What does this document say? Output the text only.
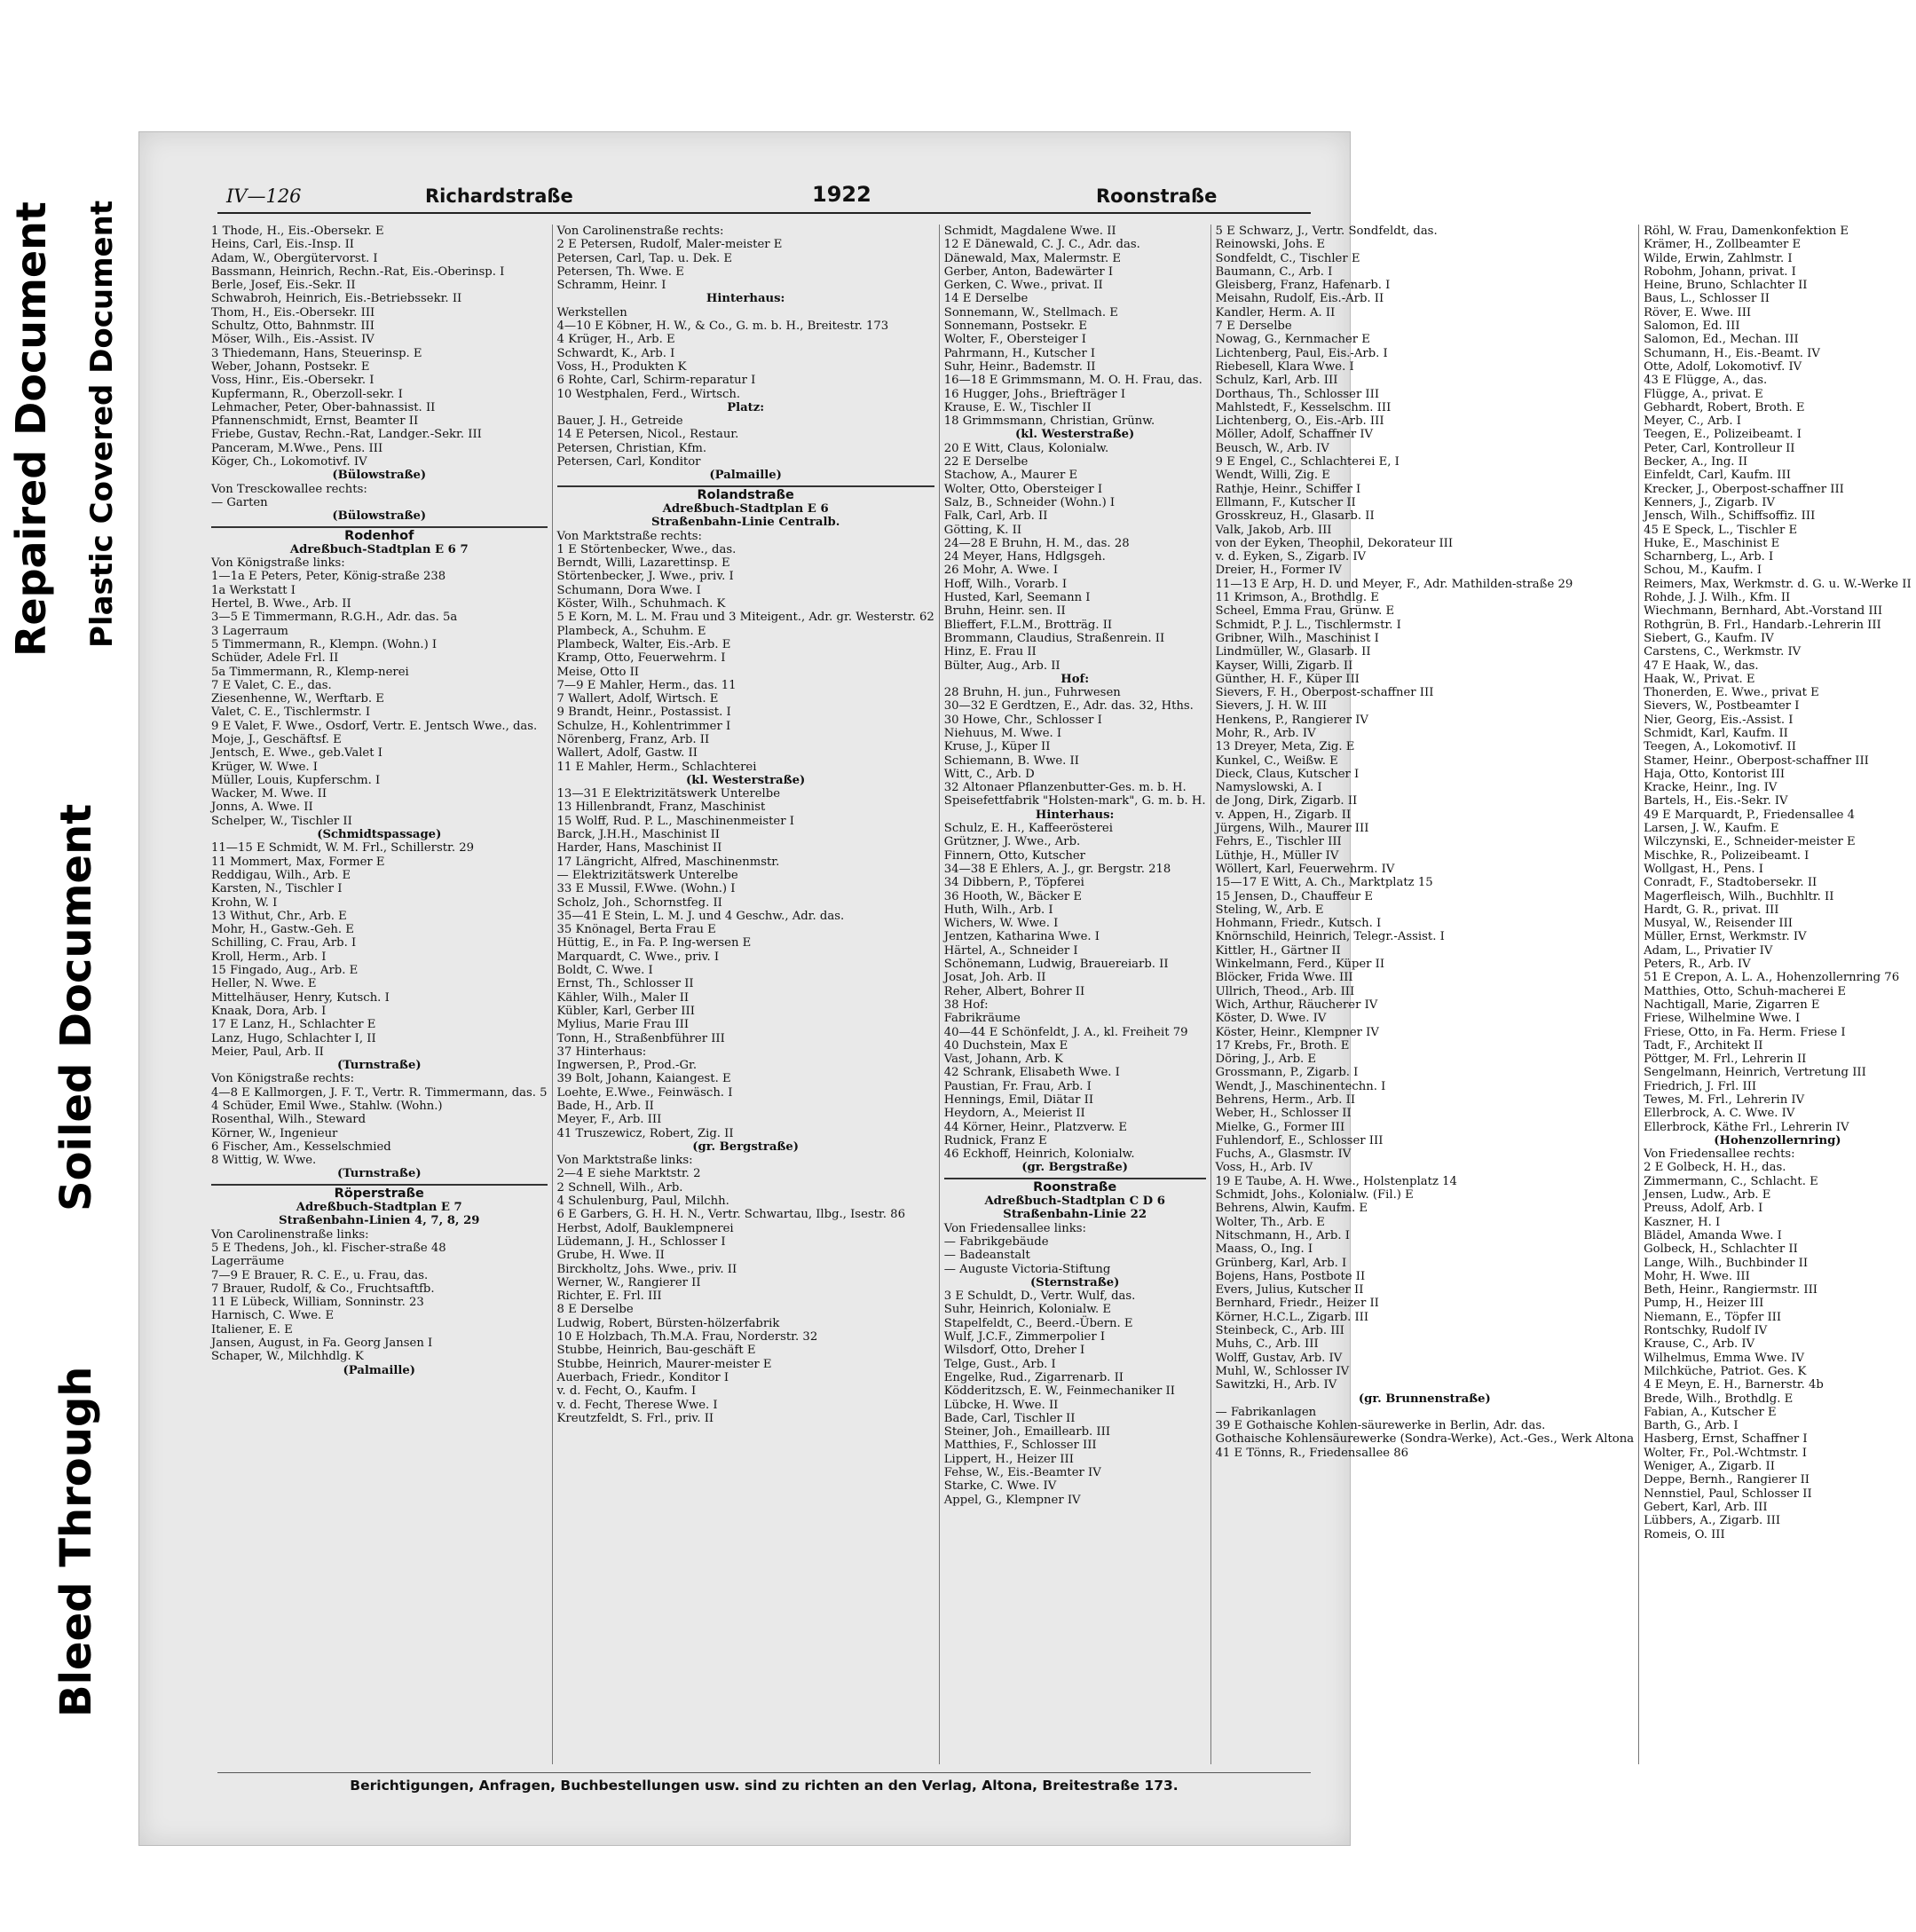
Repaired Document Plastic Covered Document
Soiled Document
Bleed Through
IV—126	Richardstraße	1922	Roonstraße
1 Thode, H., Eis.-Obersekr. E
Heins, Carl, Eis.-Insp. II
Adam, W., Obergütervorst. I
Bassmann, Heinrich, Rechn.-Rat, Eis.-Oberinsp. I
Berle, Josef, Eis.-Sekr. II
Schwabroh, Heinrich, Eis.-Betriebssekr. II
Thom, H., Eis.-Obersekr. III
Schultz, Otto, Bahnmstr. III
Möser, Wilh., Eis.-Assist. IV
3 Thiedemann, Hans, Steuerinsp. E
Weber, Johann, Postsekr. E
Voss, Hinr., Eis.-Obersekr. I
Kupfermann, R., Oberzoll-sekr. I
Lehmacher, Peter, Ober-bahnassist. II
Pfannenschmidt, Ernst, Beamter II
Friebe, Gustav, Rechn.-Rat, Landger.-Sekr. III
Panceram, M.Wwe., Pens. III
Köger, Ch., Lokomotivf. IV
(Bülowstraße)
Von Tresckowallee rechts:
— Garten
(Bülowstraße)
Rodenhof
Adreßbuch-Stadtplan E 6 7
Von Königstraße links:
1—1a E Peters, Peter, König-straße 238
1a Werkstatt I
Hertel, B. Wwe., Arb. II
3—5 E Timmermann, R.G.H., Adr. das. 5a
3 Lagerraum
5 Timmermann, R., Klempn. (Wohn.) I
Schüder, Adele Frl. II
5a Timmermann, R., Klemp-nerei
7 E Valet, C. E., das.
Ziesenhenne, W., Werftarb. E
Valet, C. E., Tischlermstr. I
9 E Valet, F. Wwe., Osdorf, Vertr. E. Jentsch Wwe., das.
Moje, J., Geschäftsf. E
Jentsch, E. Wwe., geb.Valet I
Krüger, W. Wwe. I
Müller, Louis, Kupferschm. I
Wacker, M. Wwe. II
Jonns, A. Wwe. II
Schelper, W., Tischler II
(Schmidtspassage)
11—15 E Schmidt, W. M. Frl., Schillerstr. 29
11 Mommert, Max, Former E
Reddigau, Wilh., Arb. E
Karsten, N., Tischler I
Krohn, W. I
13 Withut, Chr., Arb. E
Mohr, H., Gastw.-Geh. E
Schilling, C. Frau, Arb. I
Kroll, Herm., Arb. I
15 Fingado, Aug., Arb. E
Heller, N. Wwe. E
Mittelhäuser, Henry, Kutsch. I
Knaak, Dora, Arb. I
17 E Lanz, H., Schlachter E
Lanz, Hugo, Schlachter I, II
Meier, Paul, Arb. II
(Turnstraße)
Von Königstraße rechts:
4—8 E Kallmorgen, J. F. T., Vertr. R. Timmermann, das. 5
4 Schüder, Emil Wwe., Stahlw. (Wohn.)
Rosenthal, Wilh., Steward
Körner, W., Ingenieur
6 Fischer, Am., Kesselschmied
8 Wittig, W. Wwe.
(Turnstraße)
Röperstraße
Adreßbuch-Stadtplan E 7
Straßenbahn-Linien 4, 7, 8, 29
Von Carolinenstraße links:
5 E Thedens, Joh., kl. Fischer-straße 48
Lagerräume
7—9 E Brauer, R. C. E., u. Frau, das.
7 Brauer, Rudolf, & Co., Fruchtsaftfb.
11 E Lübeck, William, Sonninstr. 23
Harnisch, C. Wwe. E
Italiener, E. E
Jansen, August, in Fa. Georg Jansen I
Schaper, W., Milchhdlg. K
(Palmaille)
Von Carolinenstraße rechts:
2 E Petersen, Rudolf, Maler-meister E
Petersen, Carl, Tap. u. Dek. E
Petersen, Th. Wwe. E
Schramm, Heinr. I
Hinterhaus:
Werkstellen
4—10 E Köbner, H. W., & Co., G. m. b. H., Breitestr. 173
4 Krüger, H., Arb. E
Schwardt, K., Arb. I
Voss, H., Produkten K
6 Rohte, Carl, Schirm-reparatur I
10 Westphalen, Ferd., Wirtsch.
Platz:
Bauer, J. H., Getreide
14 E Petersen, Nicol., Restaur.
Petersen, Christian, Kfm.
Petersen, Carl, Konditor
(Palmaille)
Rolandstraße
Adreßbuch-Stadtplan E 6
Straßenbahn-Linie Centralb.
Von Marktstraße rechts:
1 E Störtenbecker, Wwe., das.
Berndt, Willi, Lazarettinsp. E
Störtenbecker, J. Wwe., priv. I
Schumann, Dora Wwe. I
Köster, Wilh., Schuhmach. K
5 E Korn, M. L. M. Frau und 3 Miteigent., Adr. gr. Westerstr. 62
Plambeck, A., Schuhm. E
Plambeck, Walter, Eis.-Arb. E
Kramp, Otto, Feuerwehrm. I
Meise, Otto II
7—9 E Mahler, Herm., das. 11
7 Wallert, Adolf, Wirtsch. E
9 Brandt, Heinr., Postassist. I
Schulze, H., Kohlentrimmer I
Nörenberg, Franz, Arb. II
Wallert, Adolf, Gastw. II
11 E Mahler, Herm., Schlachterei
(kl. Westerstraße)
13—31 E Elektrizitätswerk Unterelbe
13 Hillenbrandt, Franz, Maschinist
15 Wolff, Rud. P. L., Maschinenmeister I
Barck, J.H.H., Maschinist II
Harder, Hans, Maschinist II
17 Längricht, Alfred, Maschinenmstr.
— Elektrizitätswerk Unterelbe
33 E Mussil, F.Wwe. (Wohn.) I
Scholz, Joh., Schornstfeg. II
35—41 E Stein, L. M. J. und 4 Geschw., Adr. das.
35 Knönagel, Berta Frau E
Hüttig, E., in Fa. P. Ing-wersen E
Marquardt, C. Wwe., priv. I
Boldt, C. Wwe. I
Ernst, Th., Schlosser II
Kähler, Wilh., Maler II
Kübler, Karl, Gerber III
Mylius, Marie Frau III
Tonn, H., Straßenbführer III
37 Hinterhaus:
Ingwersen, P., Prod.-Gr.
39 Bolt, Johann, Kaiangest. E
Loehte, E.Wwe., Feinwäsch. I
Bade, H., Arb. II
Meyer, F., Arb. III
41 Truszewicz, Robert, Zig. II
(gr. Bergstraße)
Von Marktstraße links:
2—4 E siehe Marktstr. 2
2 Schnell, Wilh., Arb.
4 Schulenburg, Paul, Milchh.
6 E Garbers, G. H. H. N., Vertr. Schwartau, Ilbg., Isestr. 86
Herbst, Adolf, Bauklempnerei
Lüdemann, J. H., Schlosser I
Grube, H. Wwe. II
Birckholtz, Johs. Wwe., priv. II
Werner, W., Rangierer II
Richter, E. Frl. III
8 E Derselbe
Ludwig, Robert, Bürsten-hölzerfabrik
10 E Holzbach, Th.M.A. Frau, Norderstr. 32
Stubbe, Heinrich, Bau-geschäft E
Stubbe, Heinrich, Maurer-meister E
Auerbach, Friedr., Konditor I
v. d. Fecht, O., Kaufm. I
v. d. Fecht, Therese Wwe. I
Kreutzfeldt, S. Frl., priv. II
Schmidt, Magdalene Wwe. II
12 E Dänewald, C. J. C., Adr. das.
Dänewald, Max, Malermstr. E
Gerber, Anton, Badewärter I
Gerken, C. Wwe., privat. II
14 E Derselbe
Sonnemann, W., Stellmach. E
Sonnemann, Postsekr. E
Wolter, F., Obersteiger I
Pahrmann, H., Kutscher I
Suhr, Heinr., Bademstr. II
16—18 E Grimmsmann, M. O. H. Frau, das.
16 Hugger, Johs., Briefträger I
Krause, E. W., Tischler II
18 Grimmsmann, Christian, Grünw.
(kl. Westerstraße)
20 E Witt, Claus, Kolonialw.
22 E Derselbe
Stachow, A., Maurer E
Wolter, Otto, Obersteiger I
Salz, B., Schneider (Wohn.) I
Falk, Carl, Arb. II
Götting, K. II
24—28 E Bruhn, H. M., das. 28
24 Meyer, Hans, Hdlgsgeh.
26 Mohr, A. Wwe. I
Hoff, Wilh., Vorarb. I
Husted, Karl, Seemann I
Bruhn, Heinr. sen. II
Blieffert, F.L.M., Brotträg. II
Brommann, Claudius, Straßenrein. II
Hinz, E. Frau II
Bülter, Aug., Arb. II
Hof:
28 Bruhn, H. jun., Fuhrwesen
30—32 E Gerdtzen, E., Adr. das. 32, Hths.
30 Howe, Chr., Schlosser I
Niehuus, M. Wwe. I
Kruse, J., Küper II
Schiemann, B. Wwe. II
Witt, C., Arb. D
32 Altonaer Pflanzenbutter-Ges. m. b. H.
Speisefettfabrik "Holsten-mark", G. m. b. H.
Hinterhaus:
Schulz, E. H., Kaffeerösterei
Grützner, J. Wwe., Arb.
Finnern, Otto, Kutscher
34—38 E Ehlers, A. J., gr. Bergstr. 218
34 Dibbern, P., Töpferei
36 Hooth, W., Bäcker E
Huth, Wilh., Arb. I
Wichers, W. Wwe. I
Jentzen, Katharina Wwe. I
Härtel, A., Schneider I
Schönemann, Ludwig, Brauereiarb. II
Josat, Joh. Arb. II
Reher, Albert, Bohrer II
38 Hof:
Fabrikräume
40—44 E Schönfeldt, J. A., kl. Freiheit 79
40 Duchstein, Max E
Vast, Johann, Arb. K
42 Schrank, Elisabeth Wwe. I
Paustian, Fr. Frau, Arb. I
Hennings, Emil, Diätar II
Heydorn, A., Meierist II
44 Körner, Heinr., Platzverw. E
Rudnick, Franz E
46 Eckhoff, Heinrich, Kolonialw.
(gr. Bergstraße)
Roonstraße
Adreßbuch-Stadtplan C D 6
Straßenbahn-Linie 22
Von Friedensallee links:
— Fabrikgebäude
— Badeanstalt
— Auguste Victoria-Stiftung
(Sternstraße)
3 E Schuldt, D., Vertr. Wulf, das.
Suhr, Heinrich, Kolonialw. E
Stapelfeldt, C., Beerd.-Übern. E
Wulf, J.C.F., Zimmerpolier I
Wilsdorf, Otto, Dreher I
Telge, Gust., Arb. I
Engelke, Rud., Zigarrenarb. II
Ködderitzsch, E. W., Feinmechaniker II
Lübcke, H. Wwe. II
Bade, Carl, Tischler II
Steiner, Joh., Emaillearb. III
Matthies, F., Schlosser III
Lippert, H., Heizer III
Fehse, W., Eis.-Beamter IV
Starke, C. Wwe. IV
Appel, G., Klempner IV
5 E Schwarz, J., Vertr. Sondfeldt, das.
Reinowski, Johs. E
Sondfeldt, C., Tischler E
Baumann, C., Arb. I
Gleisberg, Franz, Hafenarb. I
Meisahn, Rudolf, Eis.-Arb. II
Kandler, Herm. A. II
7 E Derselbe
Nowag, G., Kernmacher E
Lichtenberg, Paul, Eis.-Arb. I
Riebesell, Klara Wwe. I
Schulz, Karl, Arb. III
Dorthaus, Th., Schlosser III
Mahlstedt, F., Kesselschm. III
Lichtenberg, O., Eis.-Arb. III
Möller, Adolf, Schaffner IV
Beusch, W., Arb. IV
9 E Engel, C., Schlachterei E, I
Wendt, Willi, Zig. E
Rathje, Heinr., Schiffer I
Ellmann, F., Kutscher II
Grosskreuz, H., Glasarb. II
Valk, Jakob, Arb. III
von der Eyken, Theophil, Dekorateur III
v. d. Eyken, S., Zigarb. IV
Dreier, H., Former IV
11—13 E Arp, H. D. und Meyer, F., Adr. Mathilden-straße 29
11 Krimson, A., Brothdlg. E
Scheel, Emma Frau, Grünw. E
Schmidt, P. J. L., Tischlermstr. I
Gribner, Wilh., Maschinist I
Lindmüller, W., Glasarb. II
Kayser, Willi, Zigarb. II
Günther, H. F., Küper III
Sievers, F. H., Oberpost-schaffner III
Sievers, J. H. W. III
Henkens, P., Rangierer IV
Mohr, R., Arb. IV
13 Dreyer, Meta, Zig. E
Kunkel, C., Weißw. E
Dieck, Claus, Kutscher I
Namyslowski, A. I
de Jong, Dirk, Zigarb. II
v. Appen, H., Zigarb. II
Jürgens, Wilh., Maurer III
Fehrs, E., Tischler III
Lüthje, H., Müller IV
Wöllert, Karl, Feuerwehrm. IV
15—17 E Witt, A. Ch., Marktplatz 15
15 Jensen, D., Chauffeur E
Steling, W., Arb. E
Hohmann, Friedr., Kutsch. I
Knörnschild, Heinrich, Telegr.-Assist. I
Kittler, H., Gärtner II
Winkelmann, Ferd., Küper II
Blöcker, Frida Wwe. III
Ullrich, Theod., Arb. III
Wich, Arthur, Räucherer IV
Köster, D. Wwe. IV
Köster, Heinr., Klempner IV
17 Krebs, Fr., Broth. E
Döring, J., Arb. E
Grossmann, P., Zigarb. I
Wendt, J., Maschinentechn. I
Behrens, Herm., Arb. II
Weber, H., Schlosser II
Mielke, G., Former III
Fuhlendorf, E., Schlosser III
Fuchs, A., Glasmstr. IV
Voss, H., Arb. IV
19 E Taube, A. H. Wwe., Holstenplatz 14
Schmidt, Johs., Kolonialw. (Fil.) E
Behrens, Alwin, Kaufm. E
Wolter, Th., Arb. E
Nitschmann, H., Arb. I
Maass, O., Ing. I
Grünberg, Karl, Arb. I
Bojens, Hans, Postbote II
Evers, Julius, Kutscher II
Bernhard, Friedr., Heizer II
Körner, H.C.L., Zigarb. III
Steinbeck, C., Arb. III
Muhs, C., Arb. III
Wolff, Gustav, Arb. IV
Muhl, W., Schlosser IV
Sawitzki, H., Arb. IV
(gr. Brunnenstraße)
— Fabrikanlagen
39 E Gothaische Kohlen-säurewerke in Berlin, Adr. das.
Gothaische Kohlensäurewerke (Sondra-Werke), Act.-Ges., Werk Altona
41 E Tönns, R., Friedensallee 86
Röhl, W. Frau, Damenkonfektion E
Krämer, H., Zollbeamter E
Wilde, Erwin, Zahlmstr. I
Robohm, Johann, privat. I
Heine, Bruno, Schlachter II
Baus, L., Schlosser II
Röver, E. Wwe. III
Salomon, Ed. III
Salomon, Ed., Mechan. III
Schumann, H., Eis.-Beamt. IV
Otte, Adolf, Lokomotivf. IV
43 E Flügge, A., das.
Flügge, A., privat. E
Gebhardt, Robert, Broth. E
Meyer, C., Arb. I
Teegen, E., Polizeibeamt. I
Peter, Carl, Kontrolleur II
Becker, A., Ing. II
Einfeldt, Carl, Kaufm. III
Krecker, J., Oberpost-schaffner III
Kenners, J., Zigarb. IV
Jensch, Wilh., Schiffsoffiz. III
45 E Speck, L., Tischler E
Huke, E., Maschinist E
Scharnberg, L., Arb. I
Schou, M., Kaufm. I
Reimers, Max, Werkmstr. d. G. u. W.-Werke II
Rohde, J. J. Wilh., Kfm. II
Wiechmann, Bernhard, Abt.-Vorstand III
Rothgrün, B. Frl., Handarb.-Lehrerin III
Siebert, G., Kaufm. IV
Carstens, C., Werkmstr. IV
47 E Haak, W., das.
Haak, W., Privat. E
Thonerden, E. Wwe., privat E
Sievers, W., Postbeamter I
Nier, Georg, Eis.-Assist. I
Schmidt, Karl, Kaufm. II
Teegen, A., Lokomotivf. II
Stamer, Heinr., Oberpost-schaffner III
Haja, Otto, Kontorist III
Kracke, Heinr., Ing. IV
Bartels, H., Eis.-Sekr. IV
49 E Marquardt, P., Friedensallee 4
Larsen, J. W., Kaufm. E
Wilczynski, E., Schneider-meister E
Mischke, R., Polizeibeamt. I
Wollgast, H., Pens. I
Conradt, F., Stadtobersekr. II
Magerfleisch, Wilh., Buchhltr. II
Hardt, G. R., privat. III
Musyal, W., Reisender III
Müller, Ernst, Werkmstr. IV
Adam, L., Privatier IV
Peters, R., Arb. IV
51 E Crepon, A. L. A., Hohenzollernring 76
Matthies, Otto, Schuh-macherei E
Nachtigall, Marie, Zigarren E
Friese, Wilhelmine Wwe. I
Friese, Otto, in Fa. Herm. Friese I
Tadt, F., Architekt II
Pöttger, M. Frl., Lehrerin II
Sengelmann, Heinrich, Vertretung III
Friedrich, J. Frl. III
Tewes, M. Frl., Lehrerin IV
Ellerbrock, A. C. Wwe. IV
Ellerbrock, Käthe Frl., Lehrerin IV
(Hohenzollernring)
Von Friedensallee rechts:
2 E Golbeck, H. H., das.
Zimmermann, C., Schlacht. E
Jensen, Ludw., Arb. E
Preuss, Adolf, Arb. I
Kaszner, H. I
Blädel, Amanda Wwe. I
Golbeck, H., Schlachter II
Lange, Wilh., Buchbinder II
Mohr, H. Wwe. III
Beth, Heinr., Rangiermstr. III
Pump, H., Heizer III
Niemann, E., Töpfer III
Rontschky, Rudolf IV
Krause, C., Arb. IV
Wilhelmus, Emma Wwe. IV
Milchküche, Patriot. Ges. K
4 E Meyn, E. H., Barnerstr. 4b
Brede, Wilh., Brothdlg. E
Fabian, A., Kutscher E
Barth, G., Arb. I
Hasberg, Ernst, Schaffner I
Wolter, Fr., Pol.-Wchtmstr. I
Weniger, A., Zigarb. II
Deppe, Bernh., Rangierer II
Nennstiel, Paul, Schlosser II
Gebert, Karl, Arb. III
Lübbers, A., Zigarb. III
Romeis, O. III
Berichtigungen, Anfragen, Buchbestellungen usw. sind zu richten an den Verlag, Altona, Breitestraße 173.
